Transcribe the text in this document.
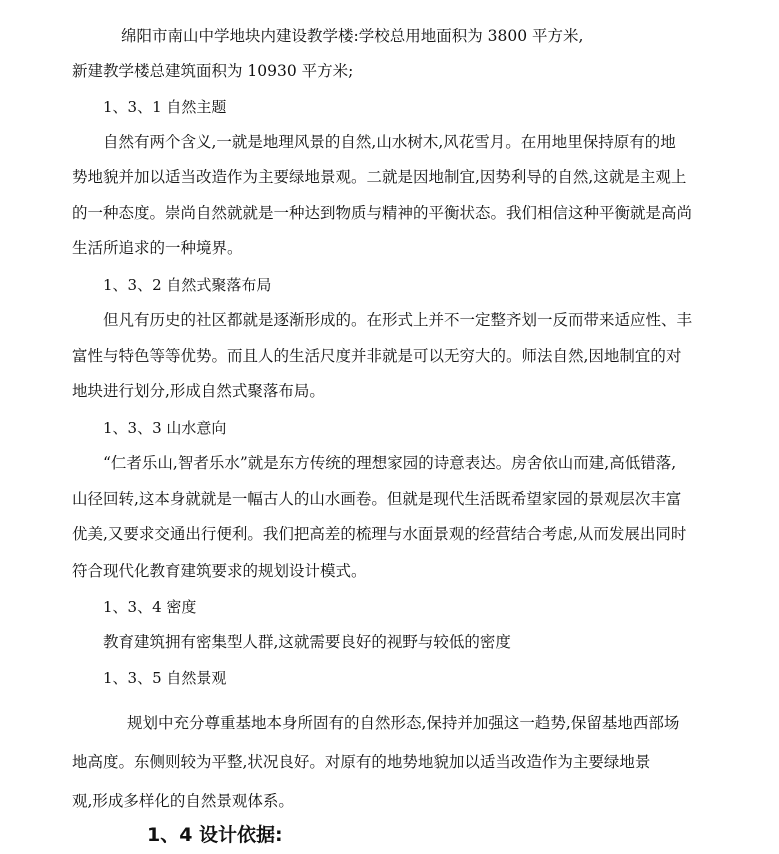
绵阳市南山中学地块内建设教学楼:学校总用地面积为 3800 平方米,
新建教学楼总建筑面积为 10930 平方米;
1、3、1 自然主题
自然有两个含义,一就是地理风景的自然,山水树木,风花雪月。在用地里保持原有的地
势地貌并加以适当改造作为主要绿地景观。二就是因地制宜,因势利导的自然,这就是主观上
的一种态度。崇尚自然就就是一种达到物质与精神的平衡状态。我们相信这种平衡就是高尚
生活所追求的一种境界。
1、3、2 自然式聚落布局
但凡有历史的社区都就是逐渐形成的。在形式上并不一定整齐划一反而带来适应性、丰
富性与特色等等优势。而且人的生活尺度并非就是可以无穷大的。师法自然,因地制宜的对
地块进行划分,形成自然式聚落布局。
1、3、3 山水意向
“仁者乐山,智者乐水”就是东方传统的理想家园的诗意表达。房舍依山而建,高低错落,
山径回转,这本身就就是一幅古人的山水画卷。但就是现代生活既希望家园的景观层次丰富
优美,又要求交通出行便利。我们把高差的梳理与水面景观的经营结合考虑,从而发展出同时
符合现代化教育建筑要求的规划设计模式。
1、3、4 密度
教育建筑拥有密集型人群,这就需要良好的视野与较低的密度
1、3、5 自然景观
规划中充分尊重基地本身所固有的自然形态,保持并加强这一趋势,保留基地西部场
地高度。东侧则较为平整,状况良好。对原有的地势地貌加以适当改造作为主要绿地景
观,形成多样化的自然景观体系。
1、4 设计依据:
